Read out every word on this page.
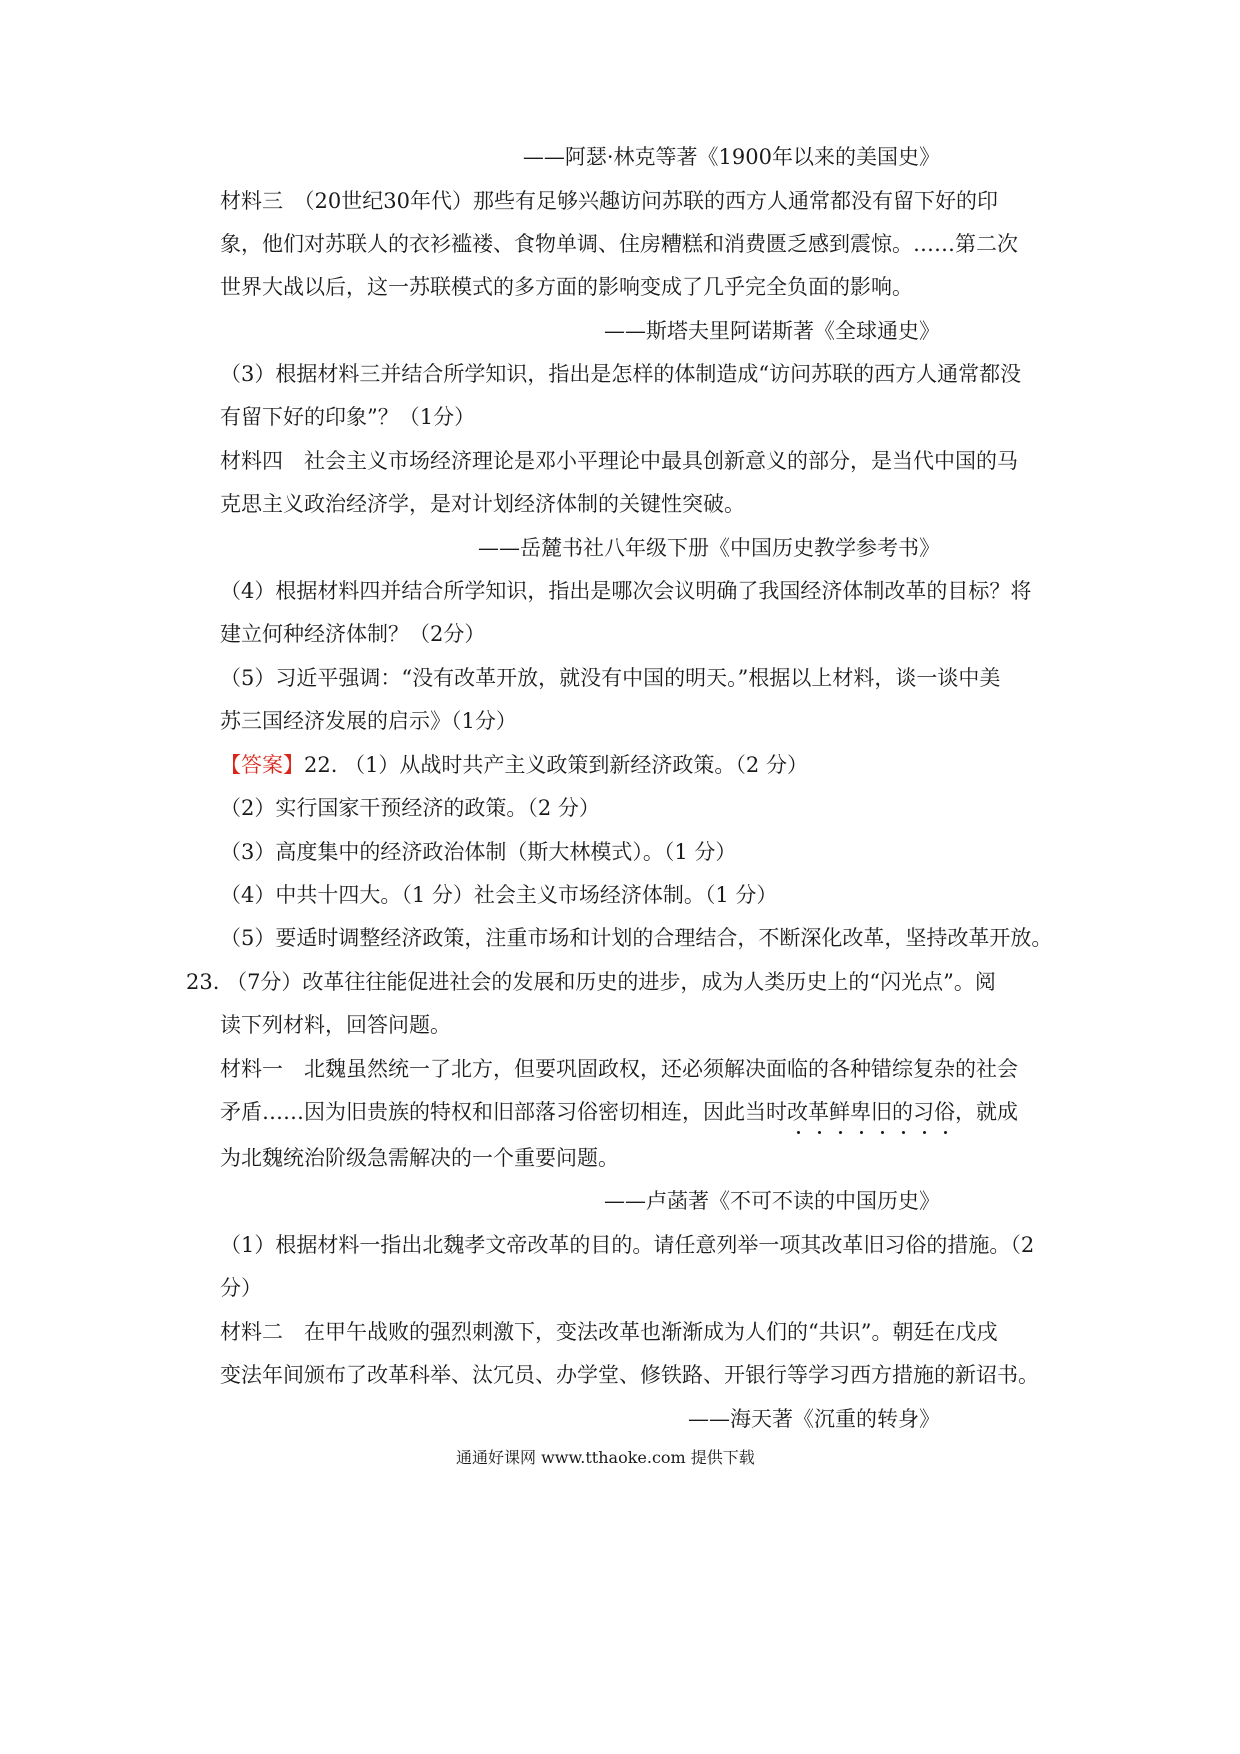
——阿瑟·林克等著《1900年以来的美国史》
材料三　（20世纪30年代）那些有足够兴趣访问苏联的西方人通常都没有留下好的印
象，他们对苏联人的衣衫褴褛、食物单调、住房糟糕和消费匮乏感到震惊。……第二次
世界大战以后，这一苏联模式的多方面的影响变成了几乎完全负面的影响。
——斯塔夫里阿诺斯著《全球通史》
（3）根据材料三并结合所学知识，指出是怎样的体制造成“访问苏联的西方人通常都没
有留下好的印象”？（1分）
材料四　社会主义市场经济理论是邓小平理论中最具创新意义的部分，是当代中国的马
克思主义政治经济学，是对计划经济体制的关键性突破。
——岳麓书社八年级下册《中国历史教学参考书》
（4）根据材料四并结合所学知识，指出是哪次会议明确了我国经济体制改革的目标？将
建立何种经济体制？（2分）
（5）习近平强调：“没有改革开放，就没有中国的明天。”根据以上材料，谈一谈中美
苏三国经济发展的启示》（1分）
【答案】22. （1）从战时共产主义政策到新经济政策。（2 分）
（2）实行国家干预经济的政策。（2 分）
（3）高度集中的经济政治体制（斯大林模式）。（1 分）
（4）中共十四大。（1 分）社会主义市场经济体制。（1 分）
（5）要适时调整经济政策，注重市场和计划的合理结合，不断深化改革，坚持改革开放。
23. （7分）改革往往能促进社会的发展和历史的进步，成为人类历史上的“闪光点”。阅
读下列材料，回答问题。
材料一　北魏虽然统一了北方，但要巩固政权，还必须解决面临的各种错综复杂的社会
矛盾……因为旧贵族的特权和旧部落习俗密切相连，因此当时改革鲜卑旧的习俗，就成
为北魏统治阶级急需解决的一个重要问题。
——卢菡著《不可不读的中国历史》
（1）根据材料一指出北魏孝文帝改革的目的。请任意列举一项其改革旧习俗的措施。（2
分）
材料二　在甲午战败的强烈刺激下，变法改革也渐渐成为人们的“共识”。朝廷在戊戌
变法年间颁布了改革科举、汰冗员、办学堂、修铁路、开银行等学习西方措施的新诏书。
——海天著《沉重的转身》
通通好课网 www.tthaoke.com 提供下载
